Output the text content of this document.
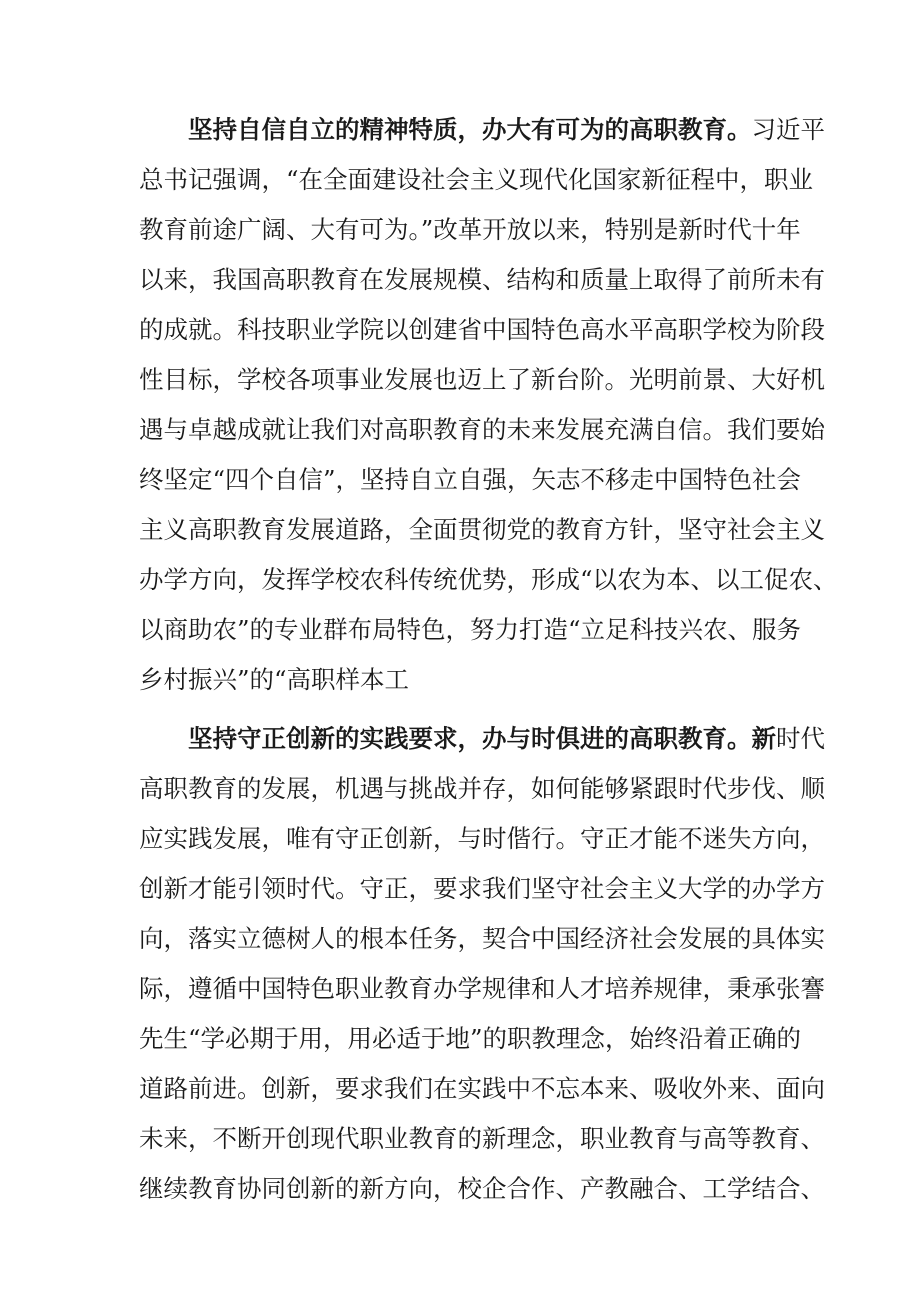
坚持自信自立的精神特质，办大有可为的高职教育。习近平
总书记强调，“在全面建设社会主义现代化国家新征程中，职业
教育前途广阔、大有可为。”改革开放以来，特别是新时代十年
以来，我国高职教育在发展规模、结构和质量上取得了前所未有
的成就。科技职业学院以创建省中国特色高水平高职学校为阶段
性目标，学校各项事业发展也迈上了新台阶。光明前景、大好机
遇与卓越成就让我们对高职教育的未来发展充满自信。我们要始
终坚定“四个自信”，坚持自立自强，矢志不移走中国特色社会
主义高职教育发展道路，全面贯彻党的教育方针，坚守社会主义
办学方向，发挥学校农科传统优势，形成“以农为本、以工促农、
以商助农”的专业群布局特色，努力打造“立足科技兴农、服务
乡村振兴”的“高职样本工
坚持守正创新的实践要求，办与时俱进的高职教育。新时代
高职教育的发展，机遇与挑战并存，如何能够紧跟时代步伐、顺
应实践发展，唯有守正创新，与时偕行。守正才能不迷失方向，
创新才能引领时代。守正，要求我们坚守社会主义大学的办学方
向，落实立德树人的根本任务，契合中国经济社会发展的具体实
际，遵循中国特色职业教育办学规律和人才培养规律，秉承张謇
先生“学必期于用，用必适于地”的职教理念，始终沿着正确的
道路前进。创新，要求我们在实践中不忘本来、吸收外来、面向
未来，不断开创现代职业教育的新理念，职业教育与高等教育、
继续教育协同创新的新方向，校企合作、产教融合、工学结合、
